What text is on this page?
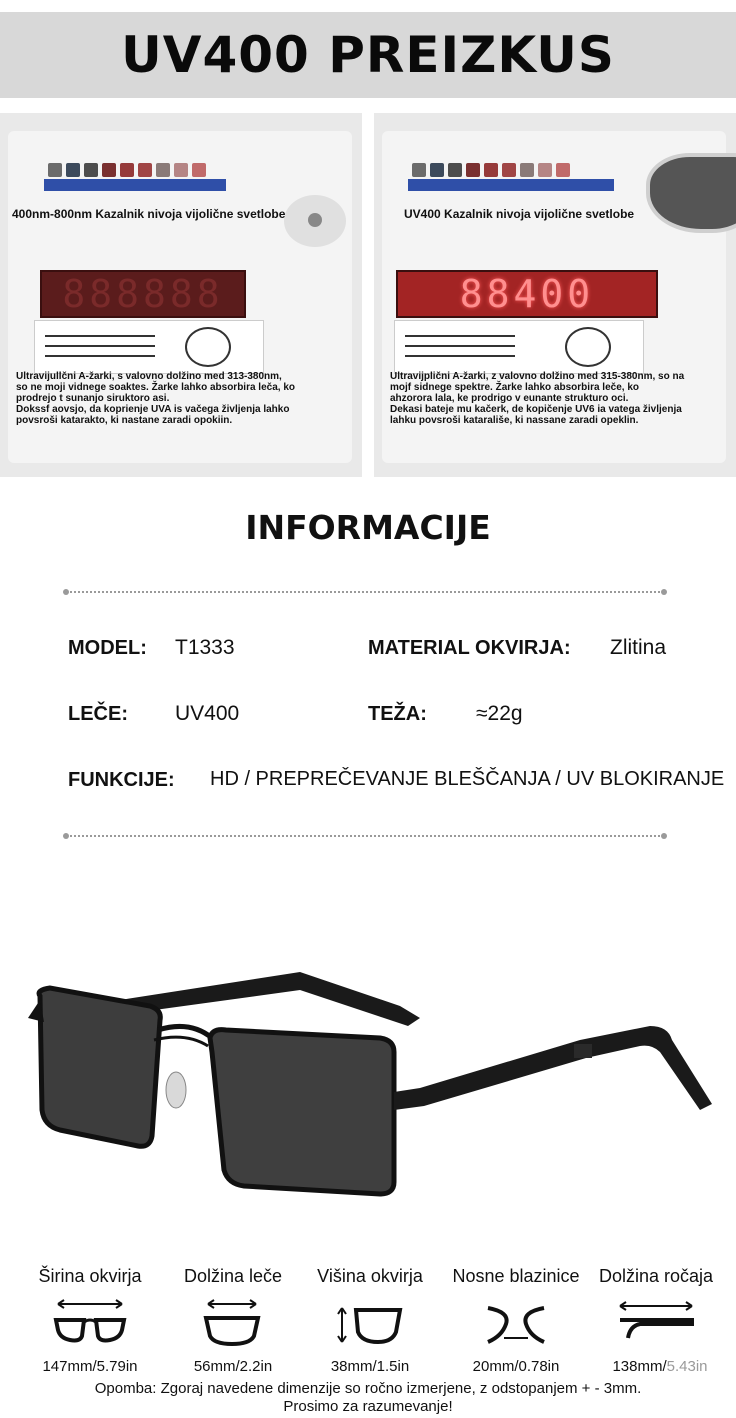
UV400 PREIZKUS
400nm-800nm Kazalnik nivoja vijolične svetlobe
888888
Ultravijullčni A-žarki, s valovno dolžino med 313-380nm,
so ne moji vidnege soaktes. Žarke lahko absorbira leča, ko
prodrejo t sunanjo siruktoro asi.
Dokssf aovsjo, da koprienje UVA is vačega življenja lahko
povsroši katarakto, ki nastane zaradi opokiin.
UV400 Kazalnik nivoja vijolične svetlobe
88400
Ultravijplični A-žarki, z valovno dolžino med 315-380nm, so na
mojf sidnege spektre. Žarke lahko absorbira leče, ko
ahzorora lala, ke prodrigo v eunante strukturo oci.
Dekasi bateje mu kačerk, de kopičenje UV6 ia vatega življenja
lahku povsroši katarališe, ki nassane zaradi opeklin.
INFORMACIJE
MODEL: T1333	MATERIAL OKVIRJA: Zlitina
LEČE: UV400	TEŽA: ≈22g
FUNKCIJE: HD / PREPREČEVANJE BLEŠČANJA / UV BLOKIRANJE
Širina okvirja	Dolžina leče	Višina okvirja	Nosne blazinice	Dolžina ročaja
147mm/5.79in	56mm/2.2in	38mm/1.5in	20mm/0.78in	138mm/5.43in
Opomba: Zgoraj navedene dimenzije so ročno izmerjene, z odstopanjem + - 3mm.
Prosimo za razumevanje!
